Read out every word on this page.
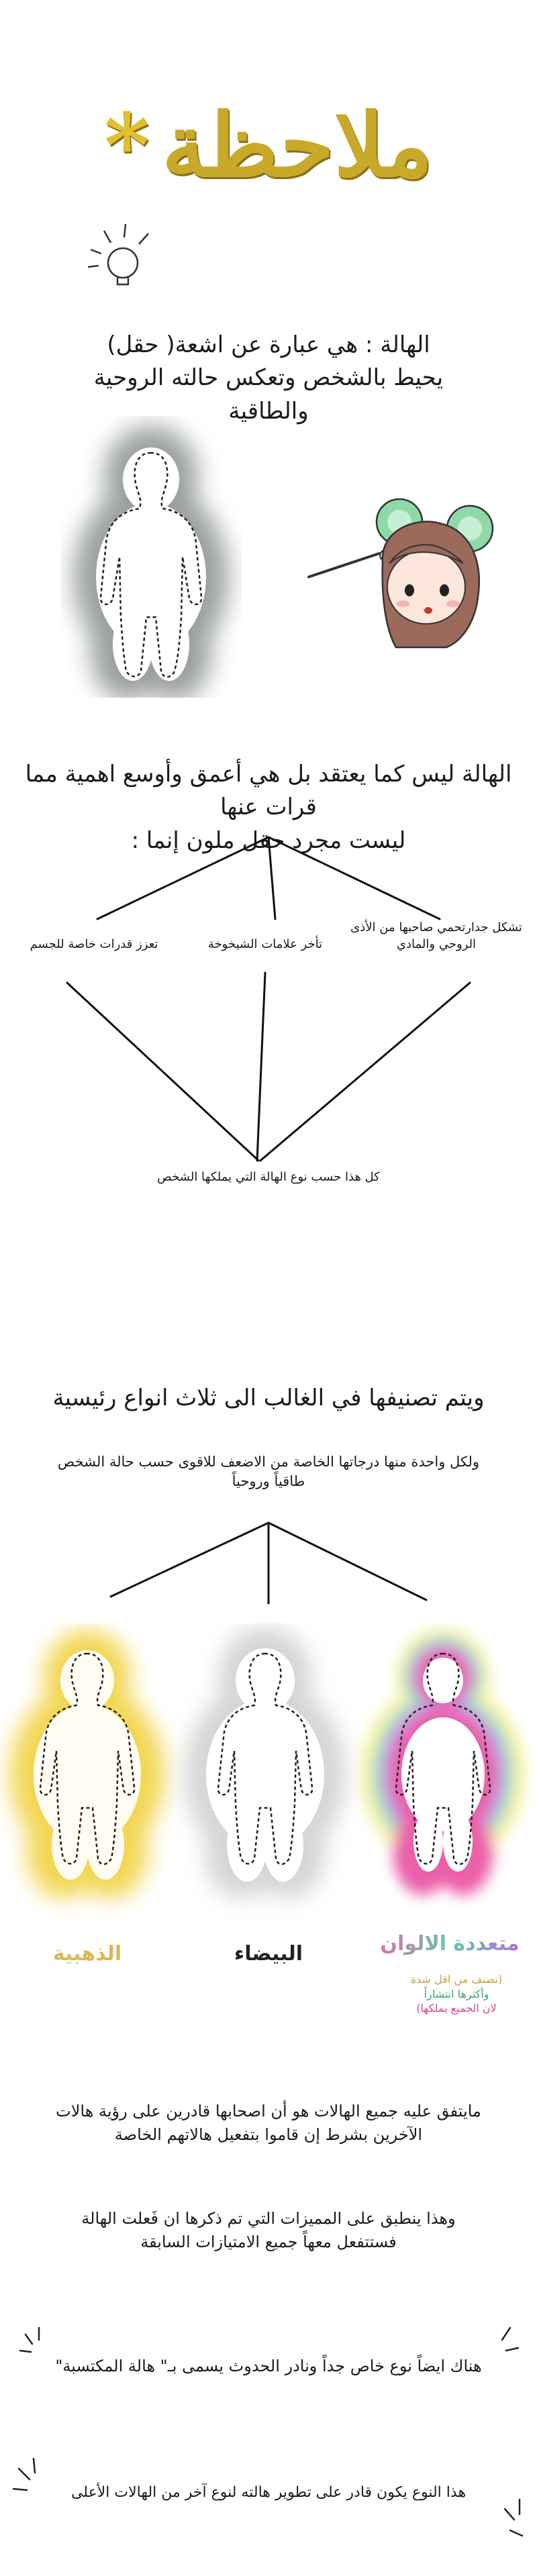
* ملاحظة
الهالة : هي عبارة عن اشعة( حقل)
يحيط بالشخص وتعكس حالته الروحية والطاقية
الهالة ليس كما يعتقد بل هي أعمق وأوسع اهمية مما قرات عنها
ليست مجرد حقل ملون إنما :
تشكل جدارتحمي صاحبها من الأذى الروحي والمادي
تأخر علامات الشيخوخة
تعزز قدرات خاصة للجسم
كل هذا حسب نوع الهالة التي يملكها الشخص
ويتم تصنيفها في الغالب الى ثلاث انواع رئيسية
ولكل واحدة منها درجاتها الخاصة من الاضعف للاقوى حسب حالة الشخص
طاقياً وروحياً
الذهبية	البيضاء	متعددة الالوان
(تصنف من اقل شدة
وأكثرها انتشاراً
لان الجميع يملكها)
مايتفق عليه جميع الهالات هو أن اصحابها قادرين على رؤية هالات
الآخرين بشرط إن قاموا بتفعيل هالاتهم الخاصة
وهذا ينطبق على المميزات التي تم ذكرها ان فَعلت الهالة
فستتفعل معهاً جميع الامتيازات السابقة
هناك ايضاً نوع خاص جداً ونادر الحدوث يسمى بـ" هالة المكتسبة"
هذا النوع يكون قادر على تطوير هالته لنوع آخر من الهالات الأعلى
